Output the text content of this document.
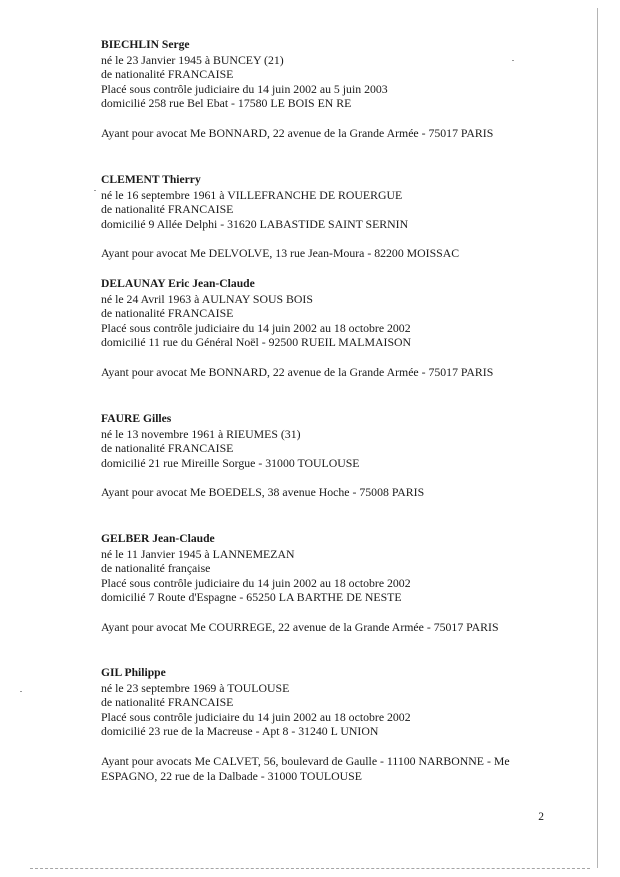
BIECHLIN Serge
né le 23 Janvier 1945 à BUNCEY (21)
de nationalité FRANCAISE
Placé sous contrôle judiciaire du 14 juin 2002 au 5 juin 2003
domicilié 258 rue Bel Ebat - 17580 LE BOIS EN RE
Ayant pour avocat Me BONNARD, 22 avenue de la Grande Armée - 75017 PARIS
CLEMENT Thierry
né le 16 septembre 1961 à VILLEFRANCHE DE ROUERGUE
de nationalité FRANCAISE
domicilié 9 Allée Delphi - 31620 LABASTIDE SAINT SERNIN
Ayant pour avocat Me DELVOLVE, 13 rue Jean-Moura - 82200 MOISSAC
DELAUNAY Eric Jean-Claude
né le 24 Avril 1963 à AULNAY SOUS BOIS
de nationalité FRANCAISE
Placé sous contrôle judiciaire du 14 juin 2002 au 18 octobre 2002
domicilié 11 rue du Général Noël - 92500 RUEIL MALMAISON
Ayant pour avocat Me BONNARD, 22 avenue de la Grande Armée - 75017 PARIS
FAURE Gilles
né le 13 novembre 1961 à RIEUMES (31)
de nationalité FRANCAISE
domicilié 21 rue Mireille Sorgue - 31000 TOULOUSE
Ayant pour avocat Me BOEDELS, 38 avenue Hoche - 75008 PARIS
GELBER Jean-Claude
né le 11 Janvier 1945 à LANNEMEZAN
de nationalité française
Placé sous contrôle judiciaire du 14 juin 2002 au 18 octobre 2002
domicilié 7 Route d'Espagne - 65250 LA BARTHE DE NESTE
Ayant pour avocat Me COURREGE, 22 avenue de la Grande Armée - 75017 PARIS
GIL Philippe
né le 23 septembre 1969 à TOULOUSE
de nationalité FRANCAISE
Placé sous contrôle judiciaire du 14 juin 2002 au 18 octobre 2002
domicilié 23 rue de la Macreuse - Apt 8 - 31240 L UNION
Ayant pour avocats Me CALVET, 56, boulevard de Gaulle - 11100 NARBONNE - Me ESPAGNO, 22 rue de la Dalbade - 31000 TOULOUSE
2
